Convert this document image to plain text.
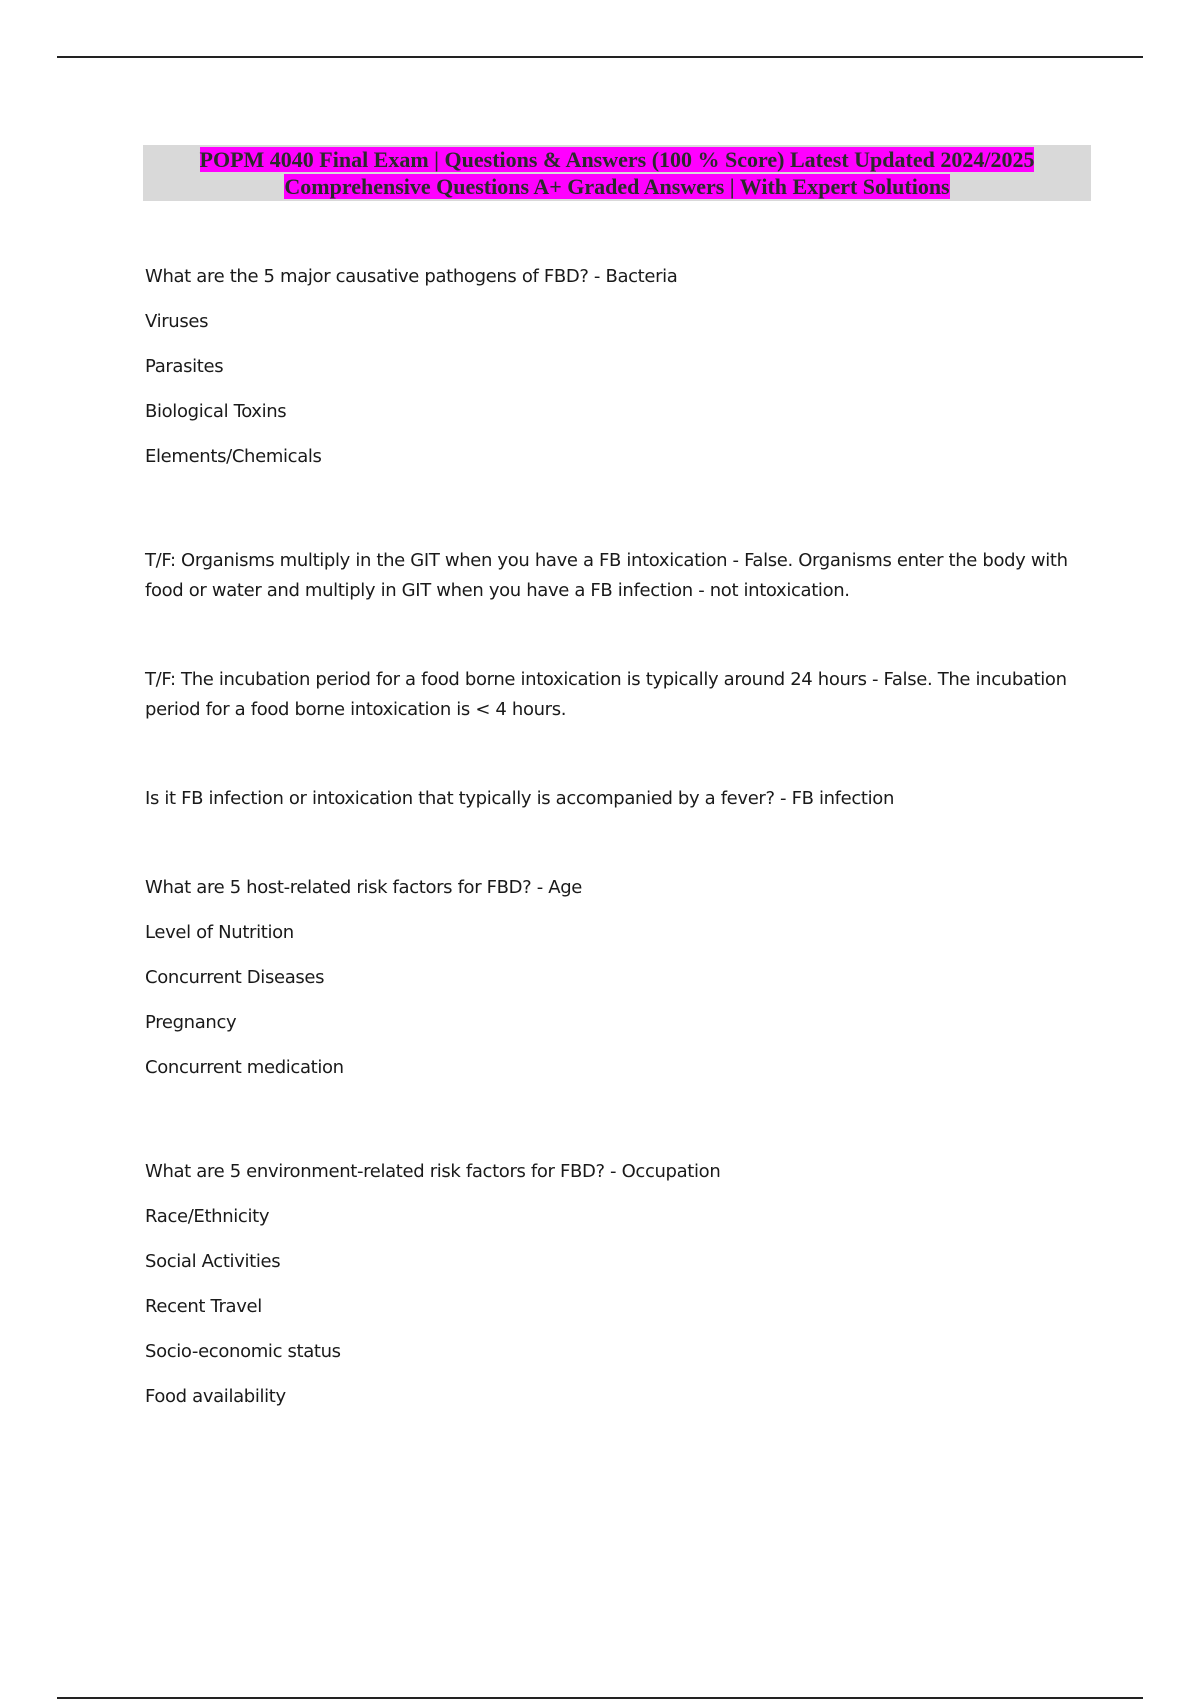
POPM 4040 Final Exam | Questions & Answers (100 % Score) Latest Updated 2024/2025
Comprehensive Questions A+ Graded Answers | With Expert Solutions

What are the 5 major causative pathogens of FBD? - Bacteria

Viruses

Parasites

Biological Toxins

Elements/Chemicals

T/F: Organisms multiply in the GIT when you have a FB intoxication - False. Organisms enter the body with food or water and multiply in GIT when you have a FB infection - not intoxication.

T/F: The incubation period for a food borne intoxication is typically around 24 hours - False. The incubation period for a food borne intoxication is < 4 hours.

Is it FB infection or intoxication that typically is accompanied by a fever? - FB infection

What are 5 host-related risk factors for FBD? - Age

Level of Nutrition

Concurrent Diseases

Pregnancy

Concurrent medication

What are 5 environment-related risk factors for FBD? - Occupation

Race/Ethnicity

Social Activities

Recent Travel

Socio-economic status

Food availability
